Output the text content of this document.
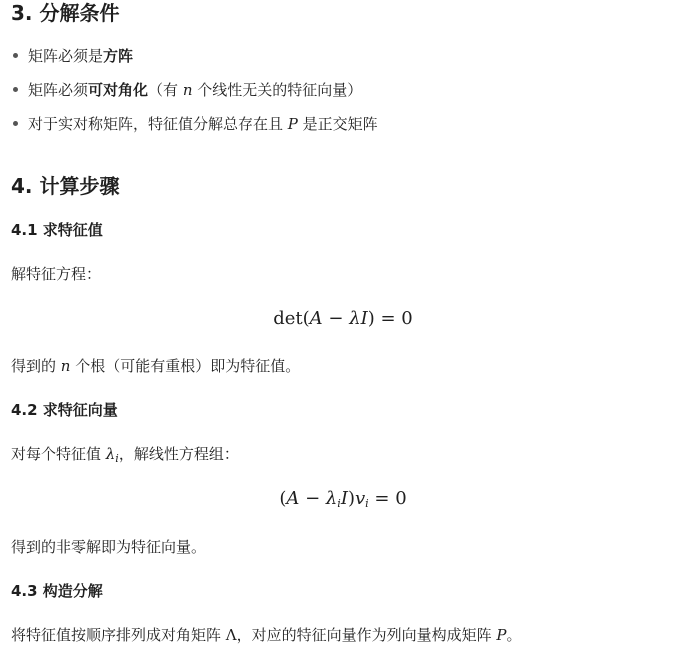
3. 分解条件
矩阵必须是方阵
矩阵必须可对角化（有 n 个线性无关的特征向量）
对于实对称矩阵，特征值分解总存在且 P 是正交矩阵
4. 计算步骤
4.1 求特征值

解特征方程：

det(A − λI) = 0

得到的 n 个根（可能有重根）即为特征值。

4.2 求特征向量

对每个特征值 $\lambda_i$，解线性方程组：

$(A - \lambda_iI)v_i = 0$

得到的非零解即为特征向量。

4.3 构造分解

将特征值按顺序排列成对角矩阵 Λ，对应的特征向量作为列向量构成矩阵 P。
